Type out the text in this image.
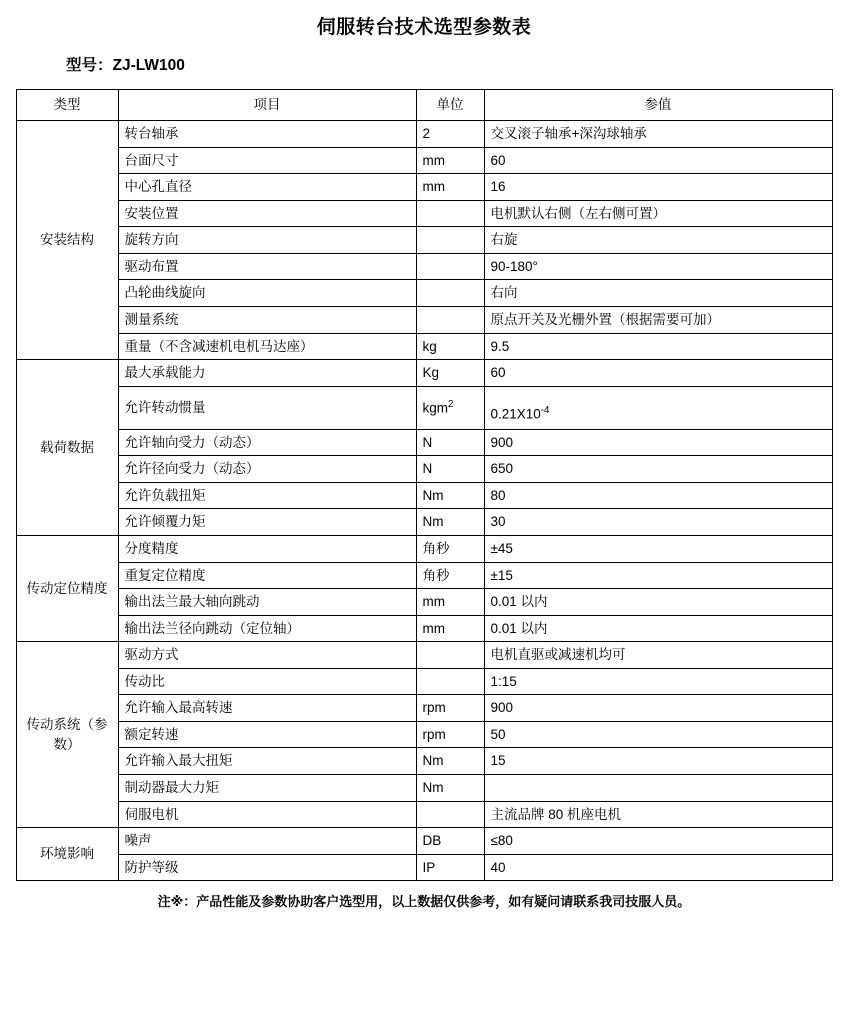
伺服转台技术选型参数表
型号：ZJ-LW100
类型	项目	单位	参值
安装结构	转台轴承	2	交叉滚子轴承+深沟球轴承
	台面尺寸	mm	60
	中心孔直径	mm	16
	安装位置		电机默认右侧（左右侧可置）
	旋转方向		右旋
	驱动布置		90-180°
	凸轮曲线旋向		右向
	测量系统		原点开关及光栅外置（根据需要可加）
	重量（不含减速机电机马达座）	kg	9.5
载荷数据	最大承载能力	Kg	60
	允许转动惯量	kgm$^2$	$0.21X10^{-4}$

	允许轴向受力（动态）	N	900
	允许径向受力（动态）	N	650
	允许负载扭矩	Nm	80
	允许倾覆力矩	Nm	30
传动定位精度	分度精度	角秒	±45
	重复定位精度	角秒	±15
	输出法兰最大轴向跳动	mm	0.01 以内
	输出法兰径向跳动（定位轴）	mm	0.01 以内
传动系统（参数）	驱动方式		电机直驱或减速机均可
	传动比		1:15
	允许输入最高转速	rpm	900
	额定转速	rpm	50
	允许输入最大扭矩	Nm	15
	制动器最大力矩	Nm	
	伺服电机		主流品牌 80 机座电机
环境影响	噪声	DB	≤80
	防护等级	IP	40
注※：产品性能及参数协助客户选型用，以上数据仅供参考，如有疑问请联系我司技服人员。
